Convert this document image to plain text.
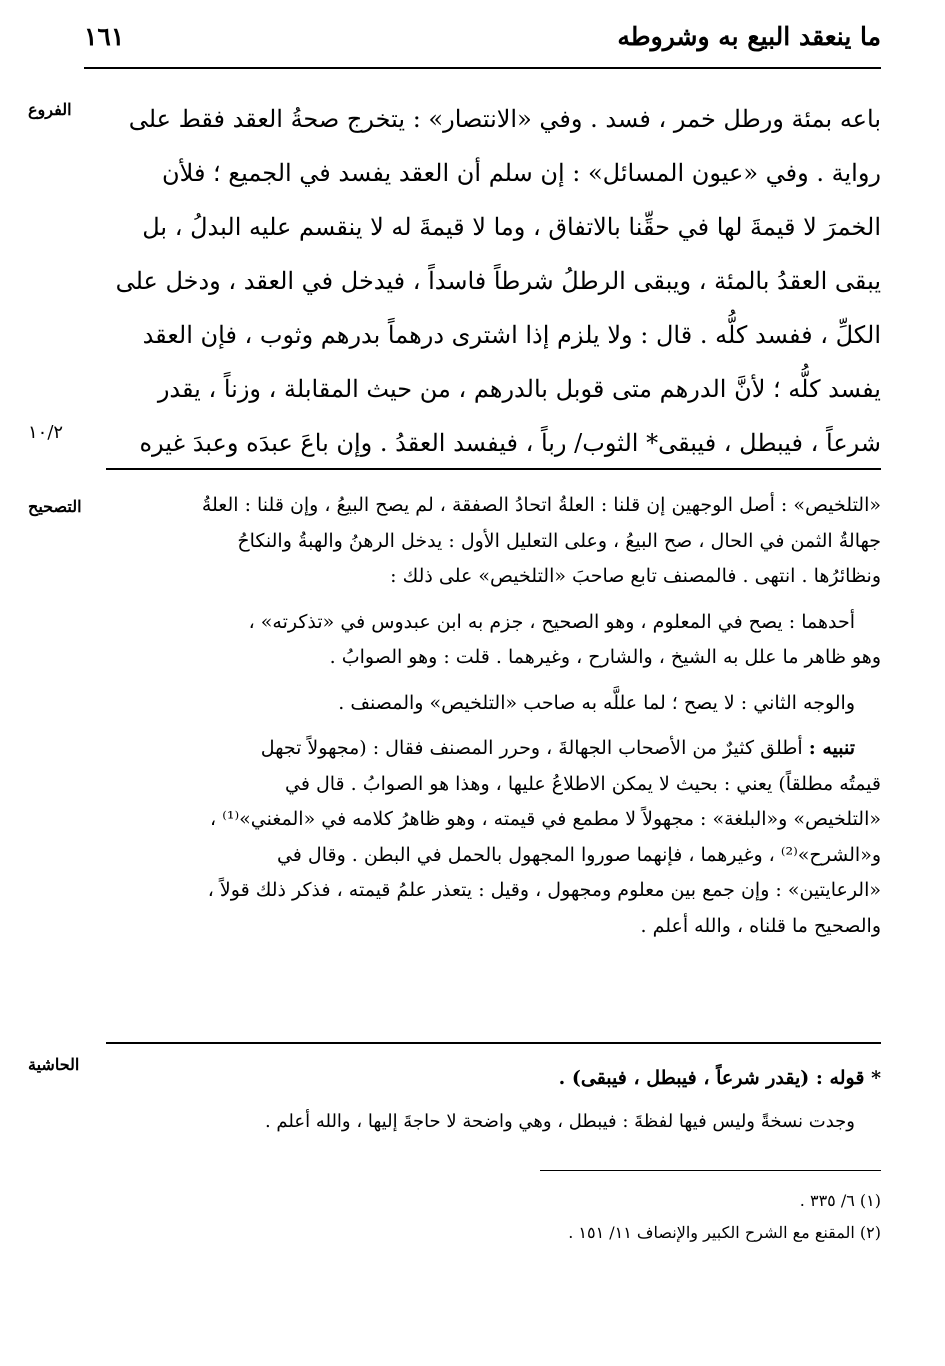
ما ينعقد البيع به وشروطه
١٦١
الفروع
١٠/٢
التصحيح
الحاشية
باعه بمئة ورطل خمر ، فسد . وفي «الانتصار» : يتخرج صحةُ العقد فقط على
رواية . وفي «عيون المسائل» : إن سلم أن العقد يفسد في الجميع ؛ فلأن
الخمرَ لا قيمةَ لها في حقِّنا بالاتفاق ، وما لا قيمةَ له لا ينقسم عليه البدلُ ، بل
يبقى العقدُ بالمئة ، ويبقى الرطلُ شرطاً فاسداً ، فيدخل في العقد ، ودخل على
الكلِّ ، ففسد كلُّه . قال : ولا يلزم إذا اشترى درهماً بدرهم وثوب ، فإن العقد
يفسد كلُّه ؛ لأنَّ الدرهم متى قوبل بالدرهم ، من حيث المقابلة ، وزناً ، يقدر
شرعاً ، فيبطل ، فيبقى* الثوب/ رباً ، فيفسد العقدُ . وإن باعَ عبدَه وعبدَ غيره
«التلخيص» : أصل الوجهين إن قلنا : العلةُ اتحادُ الصفقة ، لم يصح البيعُ ، وإن قلنا : العلةُ
جهالةُ الثمن في الحال ، صح البيعُ ، وعلى التعليل الأول : يدخل الرهنُ والهبةُ والنكاحُ
ونظائرُها . انتهى . فالمصنف تابع صاحبَ «التلخيص» على ذلك :
أحدهما : يصح في المعلوم ، وهو الصحيح ، جزم به ابن عبدوس في «تذكرته» ،
وهو ظاهر ما علل به الشيخ ، والشارح ، وغيرهما . قلت : وهو الصوابُ .
والوجه الثاني : لا يصح ؛ لما عللَّه به صاحب «التلخيص» والمصنف .
تنبيه : أطلق كثيرٌ من الأصحاب الجهالةَ ، وحرر المصنف فقال : (مجهولاً تجهل
قيمتُه مطلقاً) يعني : بحيث لا يمكن الاطلاعُ عليها ، وهذا هو الصوابُ . قال في
«التلخيص» و«البلغة» : مجهولاً لا مطمع في قيمته ، وهو ظاهرُ كلامه في «المغني»⁽¹⁾ ،
و«الشرح»⁽²⁾ ، وغيرهما ، فإنهما صوروا المجهول بالحمل في البطن . وقال في
«الرعايتين» : وإن جمع بين معلوم ومجهول ، وقيل : يتعذر علمُ قيمته ، فذكر ذلك قولاً ،
والصحيح ما قلناه ، والله أعلم .
* قوله : (يقدر شرعاً ، فيبطل ، فيبقى) .
وجدت نسخةً وليس فيها لفظةَ : فيبطل ، وهي واضحة لا حاجةَ إليها ، والله أعلم .
(١) ٦/ ٣٣٥ .
(٢) المقنع مع الشرح الكبير والإنصاف ١١/ ١٥١ .
